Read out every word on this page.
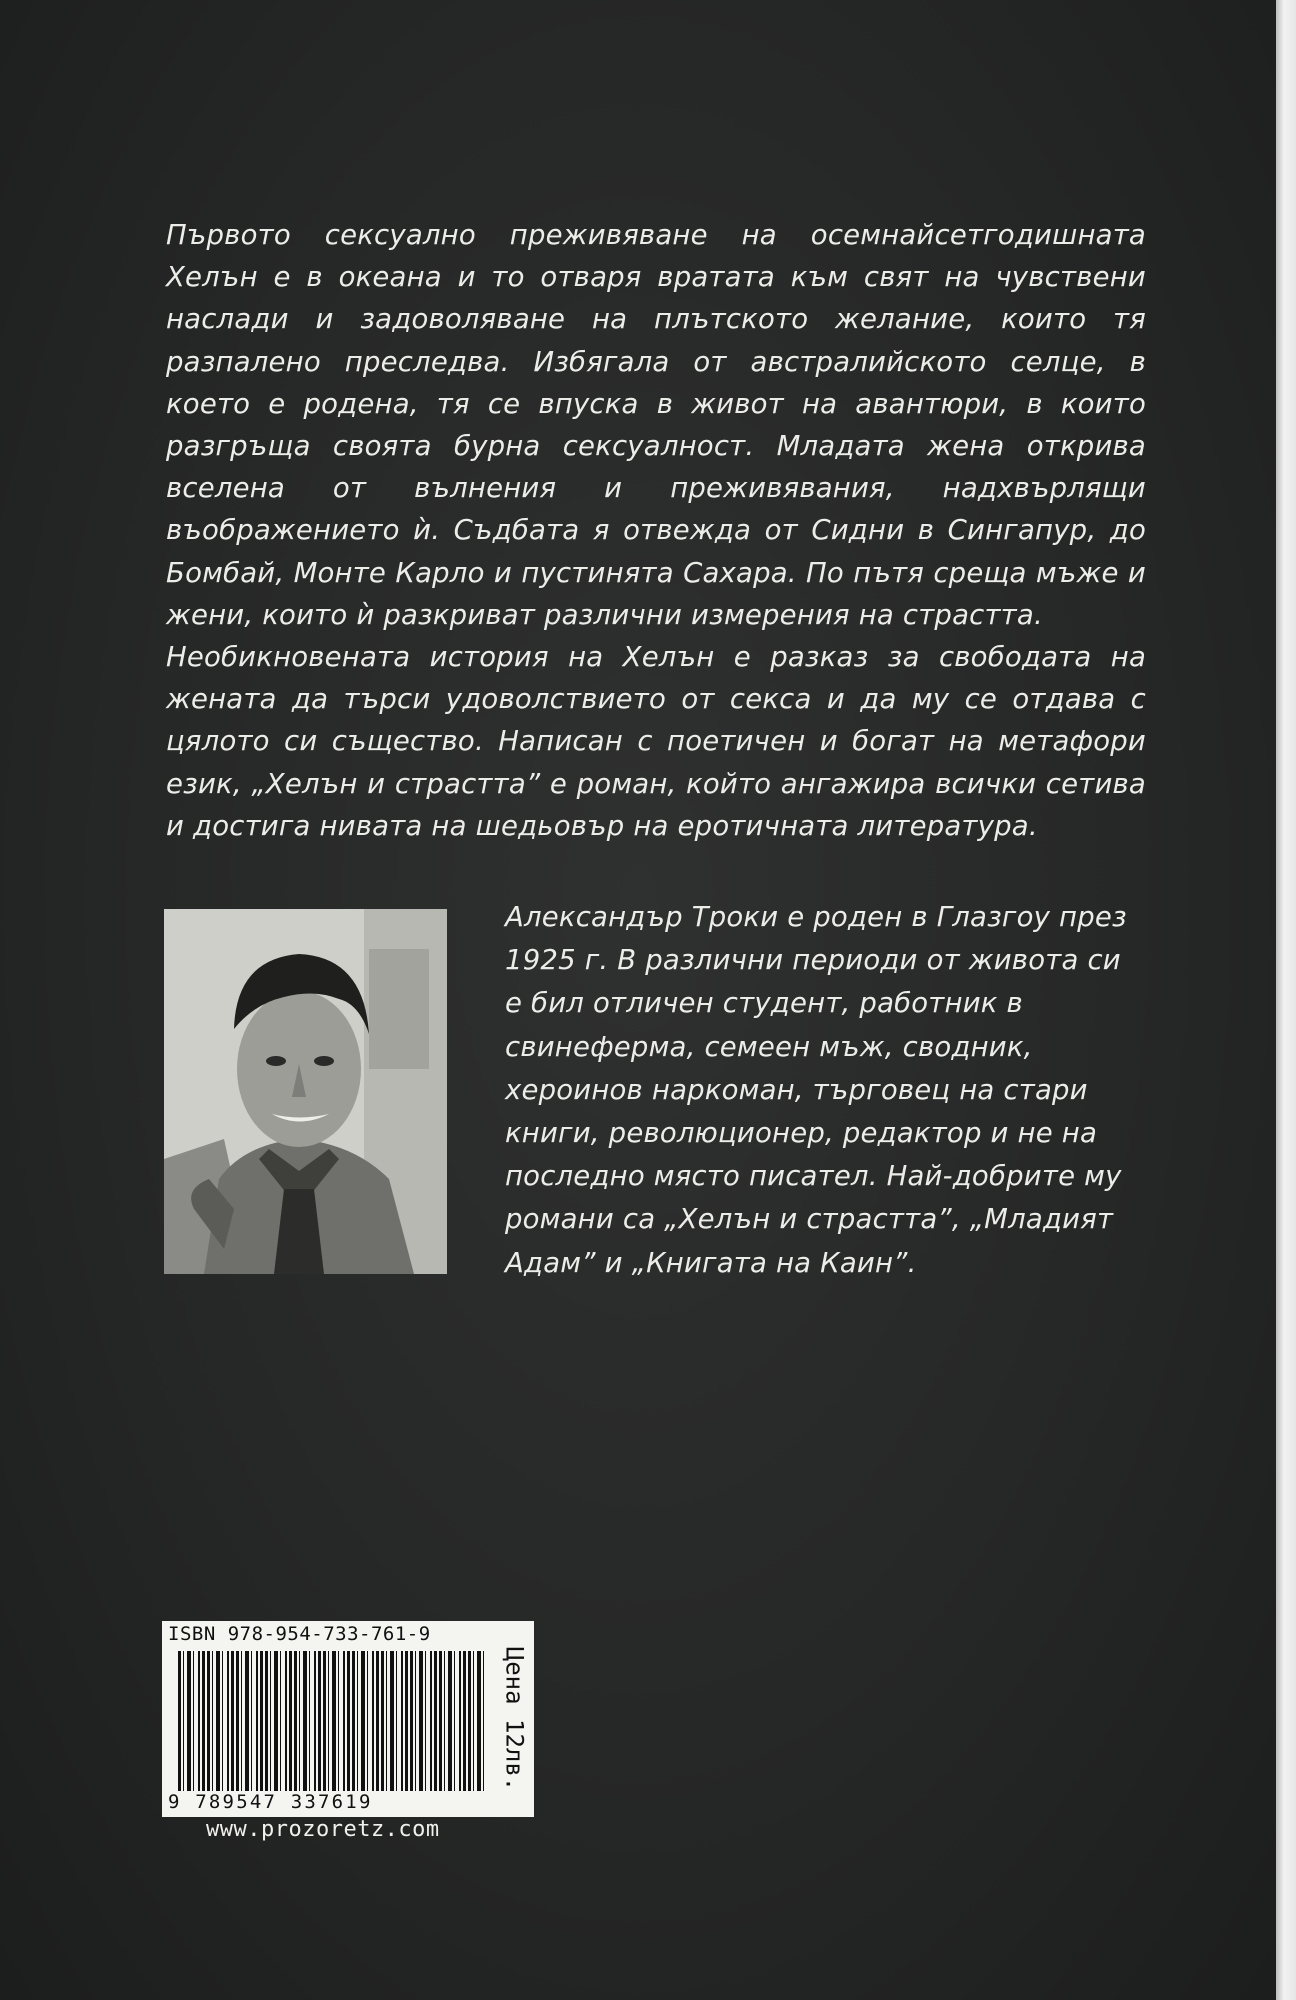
Първото сексуално преживяване на осемнайсетгодишната Хелън е в океана и то отваря вратата към свят на чувствени наслади и задоволяване на плътското желание, които тя разпалено преследва. Избягала от австралийското селце, в което е родена, тя се впуска в живот на авантюри, в които разгръща своята бурна сексуалност. Младата жена открива вселена от вълнения и преживявания, надхвърлящи въображението ѝ. Съдбата я отвежда от Сидни в Сингапур, до Бомбай, Монте Карло и пустинята Сахара. По пътя среща мъже и жени, които ѝ разкриват различни измерения на страстта.

Необикновената история на Хелън е разказ за свободата на жената да търси удоволствието от секса и да му се отдава с цялото си същество. Написан с поетичен и богат на метафори език, „Хелън и страстта” е роман, който ангажира всички сетива и достига нивата на шедьовър на еротичната литература.

Александър Троки е роден в Глазгоу през 1925 г. В различни периоди от живота си е бил отличен студент, работник в свинеферма, семеен мъж, сводник, хероинов наркоман, търговец на стари книги, революционер, редактор и не на последно място писател. Най-добрите му романи са „Хелън и страстта”, „Младият Адам” и „Книгата на Каин”.

ISBN 978-954-733-761-9
9 789547 337619
Цена 12лв.
www.prozoretz.com
